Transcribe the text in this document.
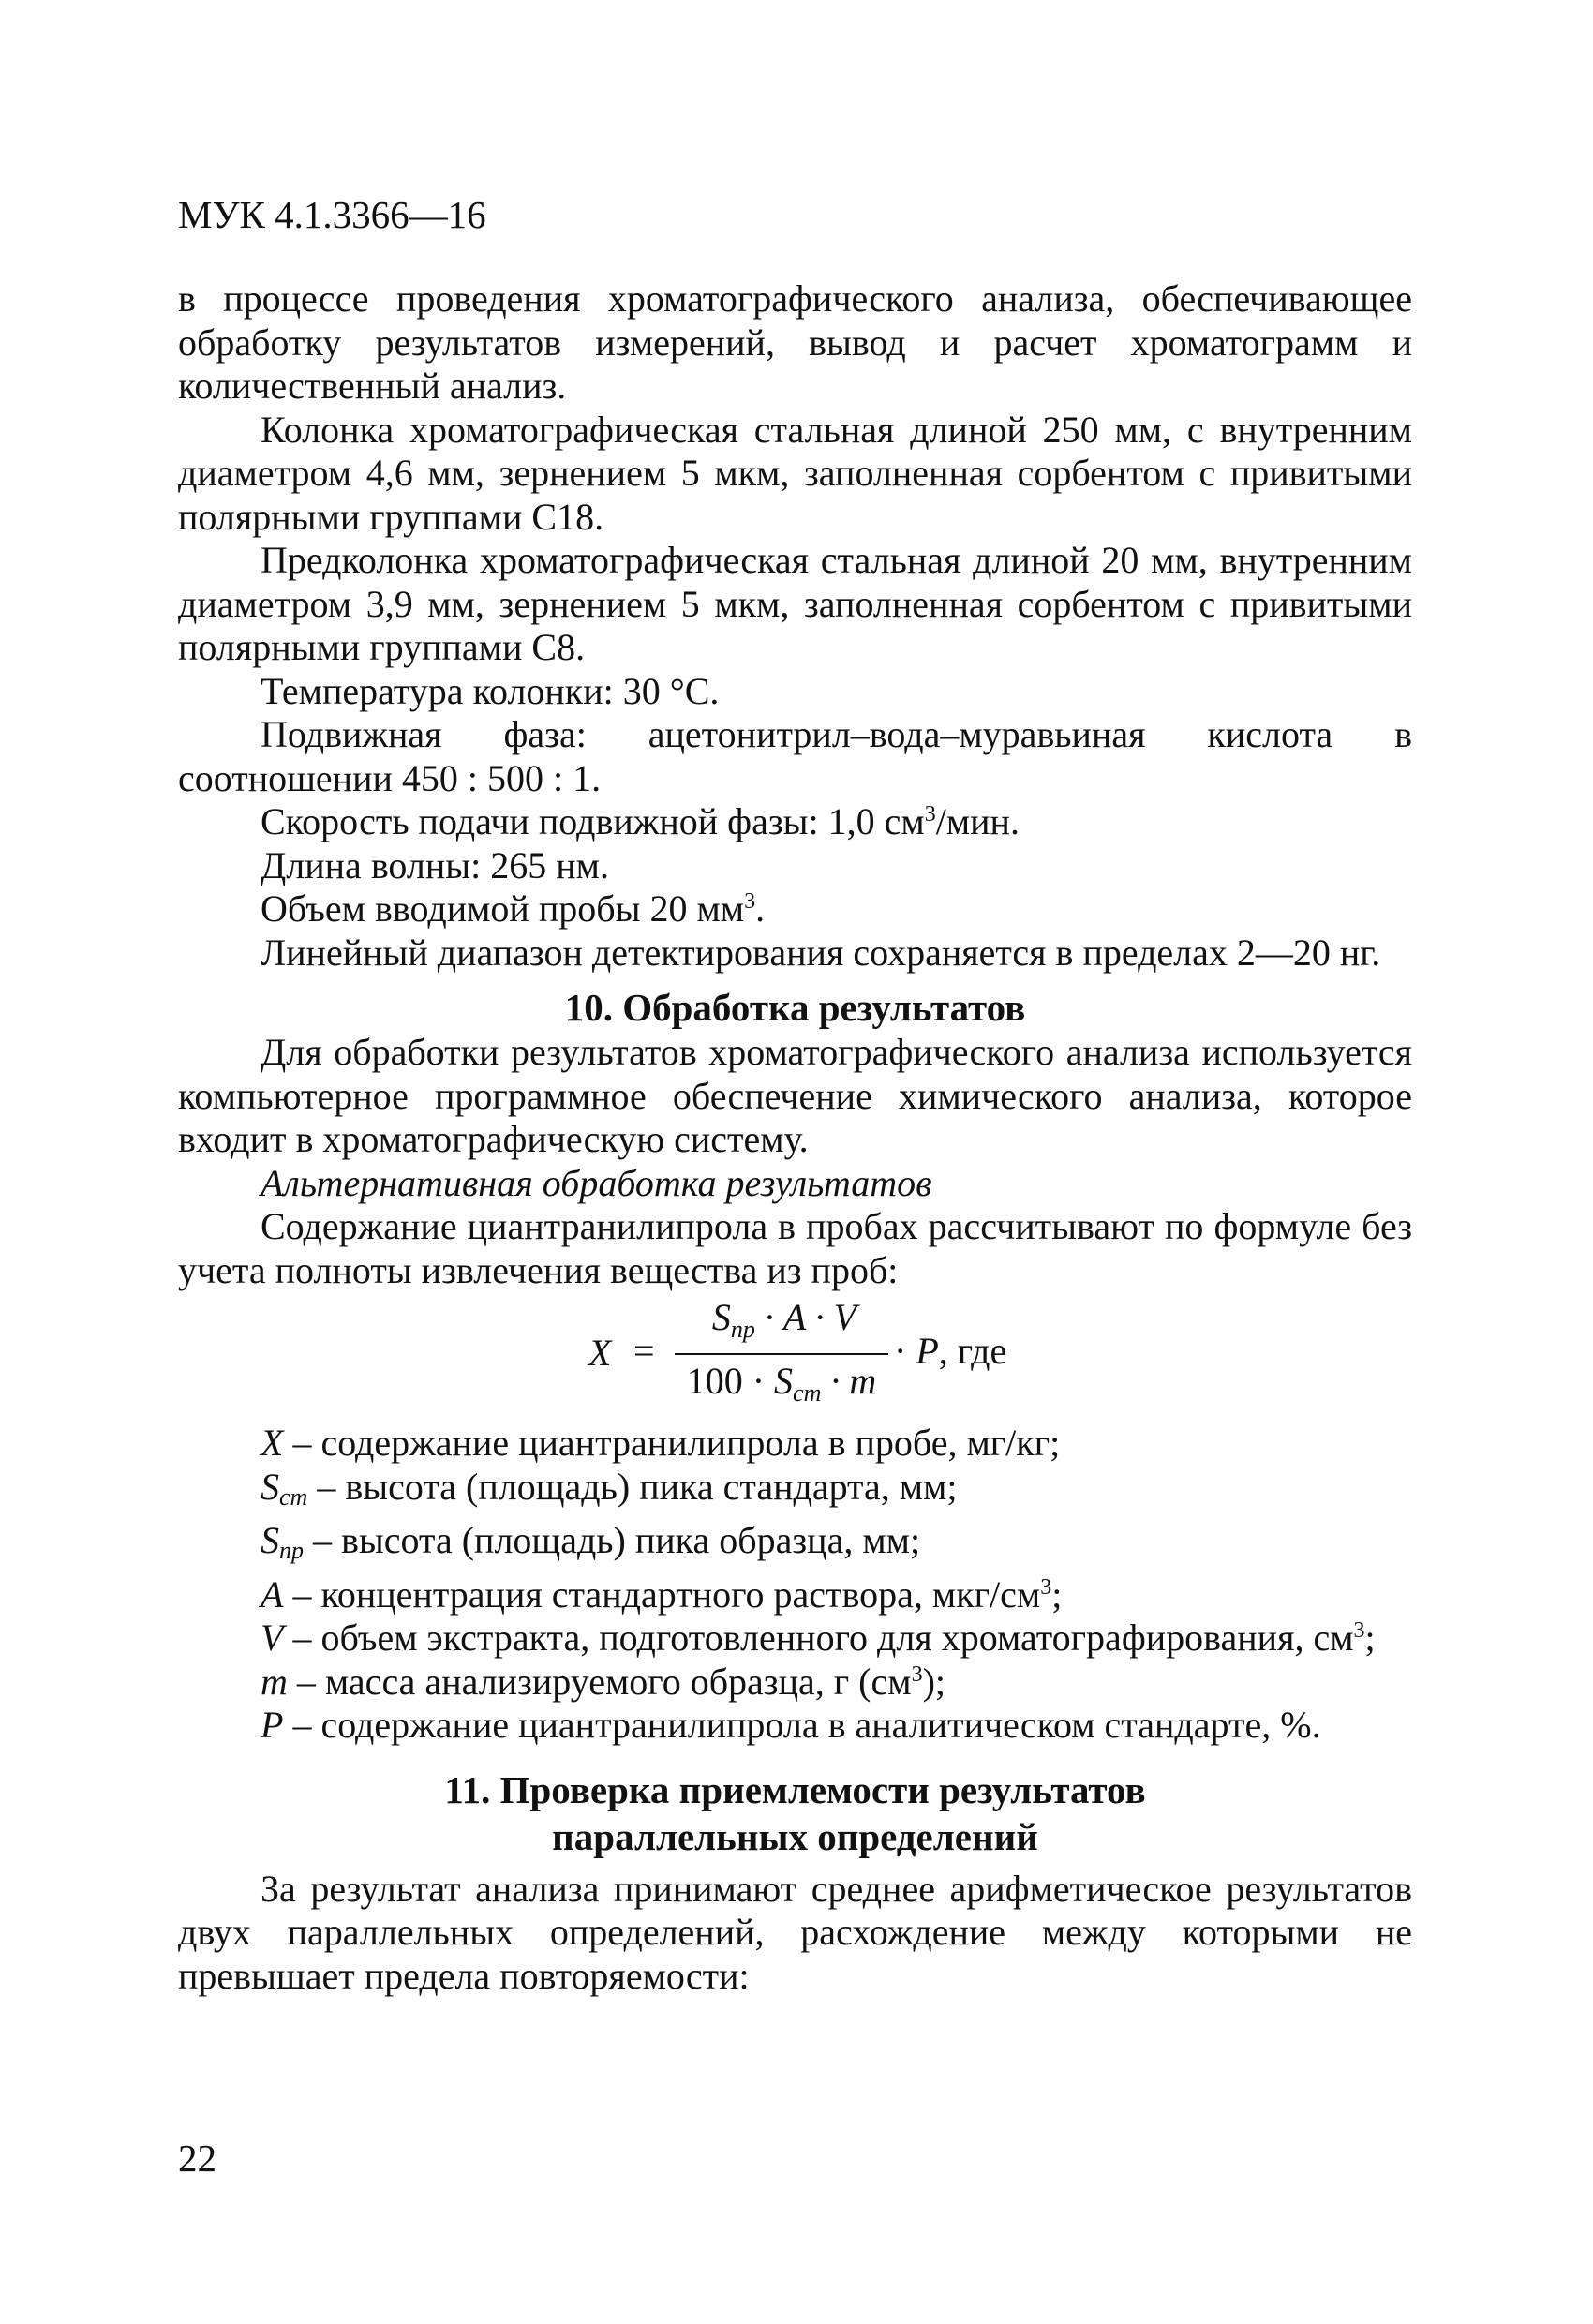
МУК 4.1.3366—16

в процессе проведения хроматографического анализа, обеспечивающее обработку результатов измерений, вывод и расчет хроматограмм и количественный анализ.

Колонка хроматографическая стальная длиной 250 мм, с внутренним диаметром 4,6 мм, зернением 5 мкм, заполненная сорбентом с привитыми полярными группами С18.

Предколонка хроматографическая стальная длиной 20 мм, внутренним диаметром 3,9 мм, зернением 5 мкм, заполненная сорбентом с привитыми полярными группами С8.

Температура колонки: 30 °С.

Подвижная фаза: ацетонитрил–вода–муравьиная кислота в соотношении 450 : 500 : 1.

Скорость подачи подвижной фазы: 1,0 $см^3$/мин.

Длина волны: 265 нм.

Объем вводимой пробы 20 $мм^3$.

Линейный диапазон детектирования сохраняется в пределах 2—20 нг.

10. Обработка результатов

Для обработки результатов хроматографического анализа используется компьютерное программное обеспечение химического анализа, которое входит в хроматографическую систему.

Альтернативная обработка результатов

Содержание циантранилипрола в пробах рассчитывают по формуле без учета полноты извлечения вещества из проб:

X =
$S_{пр} \cdot A \cdot V$
$100 \cdot S_{ст} \cdot m$
· P, где

X – содержание циантранилипрола в пробе, мг/кг;

$S_{cm}$ – высота (площадь) пика стандарта, мм;

$S_{np}$ – высота (площадь) пика образца, мм;

A – концентрация стандартного раствора, мкг/$см^3$;

V – объем экстракта, подготовленного для хроматографирования, $см^3$;

m – масса анализируемого образца, г $(см^3)$;

P – содержание циантранилипрола в аналитическом стандарте, %.

11. Проверка приемлемости результатов
параллельных определений

За результат анализа принимают среднее арифметическое результатов двух параллельных определений, расхождение между которыми не превышает предела повторяемости:

22
